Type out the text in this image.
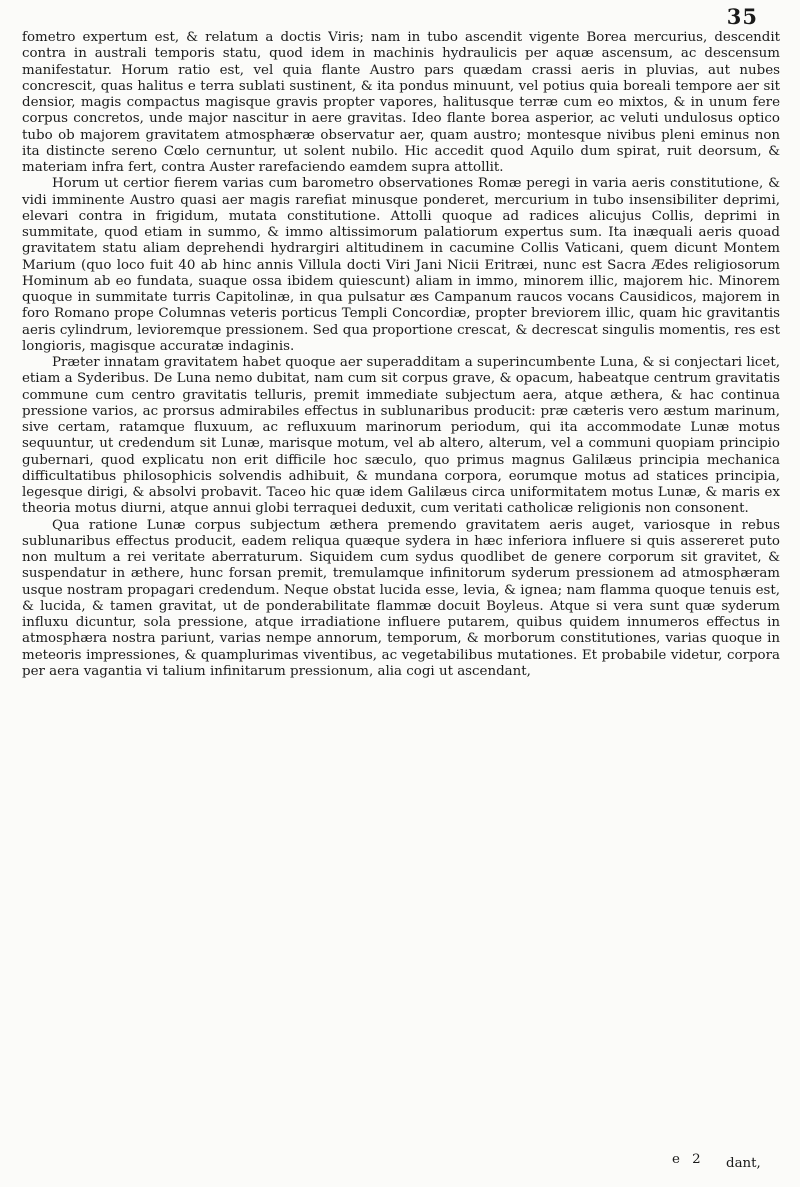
35

fometro expertum est, & relatum a doctis Viris; nam in tubo ascendit vigente Borea mercurius, descendit contra in australi temporis statu, quod idem in machinis hydraulicis per aquæ ascensum, ac descensum manifestatur. Horum ratio est, vel quia flante Austro pars quædam crassi aeris in pluvias, aut nubes concrescit, quas halitus e terra sublati sustinent, & ita pondus minuunt, vel potius quia boreali tempore aer sit densior, magis compactus magisque gravis propter vapores, halitusque terræ cum eo mixtos, & in unum fere corpus concretos, unde major nascitur in aere gravitas. Ideo flante borea asperior, ac veluti undulosus optico tubo ob majorem gravitatem atmosphæræ observatur aer, quam austro; montesque nivibus pleni eminus non ita distincte sereno Cœlo cernuntur, ut solent nubilo. Hic accedit quod Aquilo dum spirat, ruit deorsum, & materiam infra fert, contra Auster rarefaciendo eamdem supra attollit.

Horum ut certior fierem varias cum barometro observationes Romæ peregi in varia aeris constitutione, & vidi imminente Austro quasi aer magis rarefiat minusque ponderet, mercurium in tubo insensibiliter deprimi, elevari contra in frigidum, mutata constitutione. Attolli quoque ad radices alicujus Collis, deprimi in summitate, quod etiam in summo, & immo altissimorum palatiorum expertus sum. Ita inæquali aeris quoad gravitatem statu aliam deprehendi hydrargiri altitudinem in cacumine Collis Vaticani, quem dicunt Montem Marium (quo loco fuit 40 ab hinc annis Villula docti Viri Jani Nicii Eritræi, nunc est Sacra Ædes religiosorum Hominum ab eo fundata, suaque ossa ibidem quiescunt) aliam in immo, minorem illic, majorem hic. Minorem quoque in summitate turris Capitolinæ, in qua pulsatur æs Campanum raucos vocans Causidicos, majorem in foro Romano prope Columnas veteris porticus Templi Concordiæ, propter breviorem illic, quam hic gravitantis aeris cylindrum, levioremque pressionem. Sed qua proportione crescat, & decrescat singulis momentis, res est longioris, magisque accuratæ indaginis.

Præter innatam gravitatem habet quoque aer superadditam a superincumbente Luna, & si conjectari licet, etiam a Syderibus. De Luna nemo dubitat, nam cum sit corpus grave, & opacum, habeatque centrum gravitatis commune cum centro gravitatis telluris, premit immediate subjectum aera, atque æthera, & hac continua pressione varios, ac prorsus admirabiles effectus in sublunaribus producit: præ cæteris vero æstum marinum, sive certam, ratamque fluxuum, ac refluxuum marinorum periodum, qui ita accommodate Lunæ motus sequuntur, ut credendum sit Lunæ, marisque motum, vel ab altero, alterum, vel a communi quopiam principio gubernari, quod explicatu non erit difficile hoc sæculo, quo primus magnus Galilæus principia mechanica difficultatibus philosophicis solvendis adhibuit, & mundana corpora, eorumque motus ad statices principia, legesque dirigi, & absolvi probavit. Taceo hic quæ idem Galilæus circa uniformitatem motus Lunæ, & maris ex theoria motus diurni, atque annui globi terraquei deduxit, cum veritati catholicæ religionis non consonent.

Qua ratione Lunæ corpus subjectum æthera premendo gravitatem aeris auget, variosque in rebus sublunaribus effectus producit, eadem reliqua quæque sydera in hæc inferiora influere si quis assereret puto non multum a rei veritate aberraturum. Siquidem cum sydus quodlibet de genere corporum sit gravitet, & suspendatur in æthere, hunc forsan premit, tremulamque infinitorum syderum pressionem ad atmosphæram usque nostram propagari credendum. Neque obstat lucida esse, levia, & ignea; nam flamma quoque tenuis est, & lucida, & tamen gravitat, ut de ponderabilitate flammæ docuit Boyleus. Atque si vera sunt quæ syderum influxu dicuntur, sola pressione, atque irradiatione influere putarem, quibus quidem innumeros effectus in atmosphæra nostra pariunt, varias nempe annorum, temporum, & morborum constitutiones, varias quoque in meteoris impressiones, & quamplurimas viventibus, ac vegetabilibus mutationes. Et probabile videtur, corpora per aera vagantia vi talium infinitarum pressionum, alia cogi ut ascendant,

e 2 dant,
